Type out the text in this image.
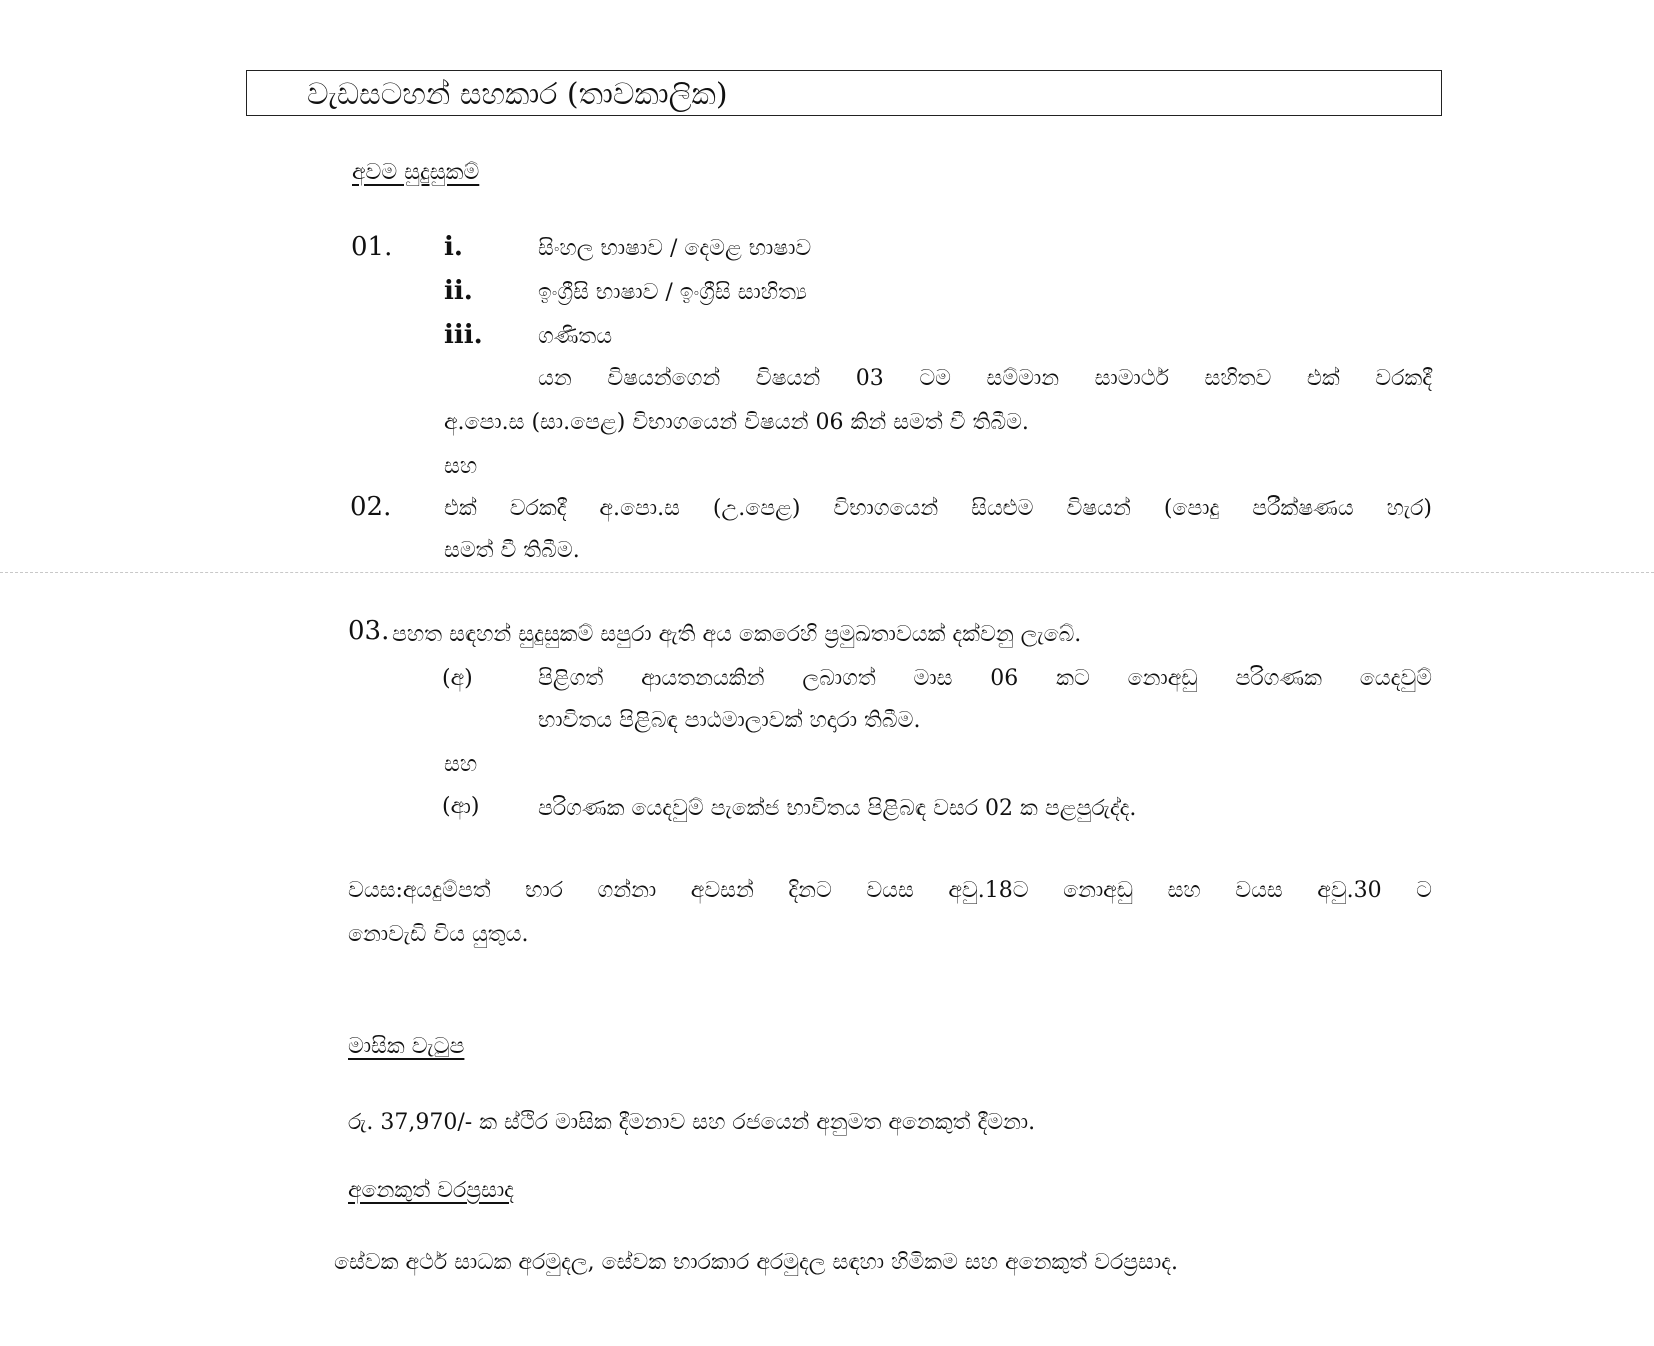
වැඩසටහන් සහකාර (තාවකාලික)
අවම සුදුසුකම්
01. i.	සිංහල භාෂාව / දෙමළ භාෂාව
ii.	ඉංග්‍රීසි භාෂාව / ඉංග්‍රීසි සාහිත්‍ය
iii.	ගණිතය
යන විෂයන්ගෙන් විෂයන් 03 ටම සම්මාන සාමාර්ථ සහිතව එක් වරකදී
අ.පො.ස (සා.පෙළ) විභාගයෙන් විෂයන් 06 කින් සමත් වී තිබීම.
සහ
02. එක් වරකදී අ.පො.ස (උ.පෙළ) විභාගයෙන් සියළුම විෂයන් (පොදු පරීක්ෂණය හැර)
සමත් වී තිබීම.
03. පහත සඳහන් සුදුසුකම් සපුරා ඇති අය කෙරෙහි ප්‍රමුඛතාවයක් දක්වනු ලැබේ.
(අ)	පිළිගත් ආයතනයකින් ලබාගත් මාස 06 කට නොඅඩු පරිගණක යෙදවුම්
භාවිතය පිළිබඳ පාඨමාලාවක් හදාරා තිබීම.
සහ
(ආ)	පරිගණක යෙදවුම් පැකේජ භාවිතය පිළිබඳ වසර 02 ක පළපුරුද්ද.
වයස:අයදුම්පත් භාර ගන්නා අවසන් දිනට වයස අවු.18ට නොඅඩු සහ වයස අවු.30 ට
නොවැඩි විය යුතුය.
මාසික වැටුප
රු. 37,970/- ක ස්ථිර මාසික දීමනාව සහ රජයෙන් අනුමත අනෙකුත් දීමනා.
අනෙකුත් වරප්‍රසාද
සේවක අර්ථ සාධක අරමුදල, සේවක භාරකාර අරමුදල සඳහා හිමිකම සහ අනෙකුත් වරප්‍රසාද.
